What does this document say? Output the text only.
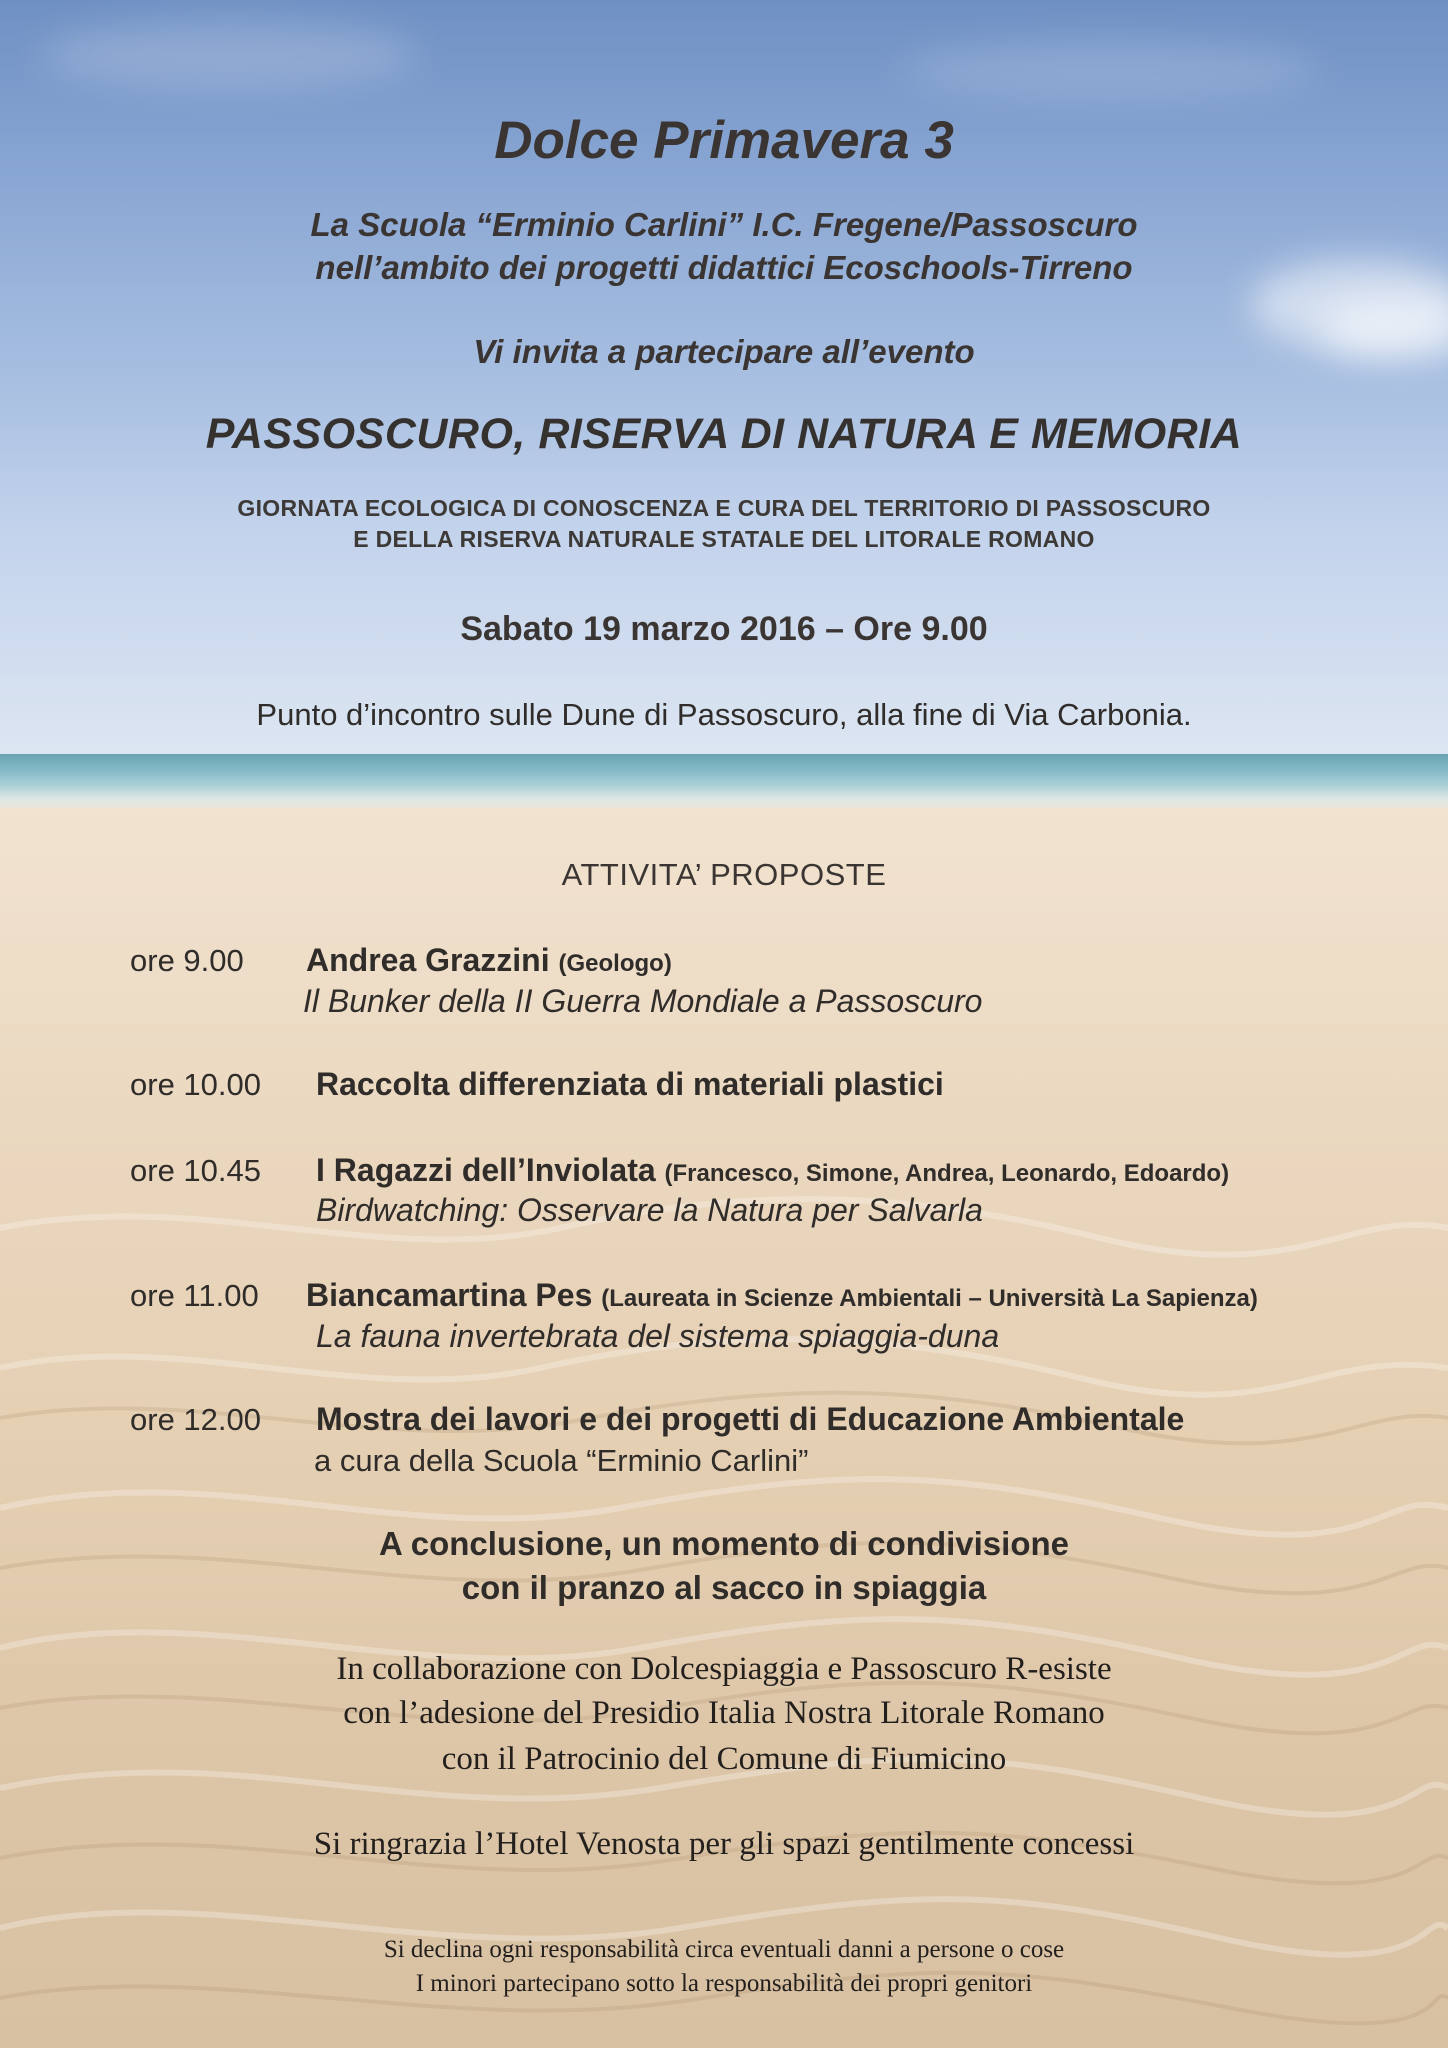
Dolce Primavera 3

La Scuola “Erminio Carlini” I.C. Fregene/Passoscuro

nell’ambito dei progetti didattici Ecoschools-Tirreno

Vi invita a partecipare all’evento

PASSOSCURO, RISERVA DI NATURA E MEMORIA

GIORNATA ECOLOGICA DI CONOSCENZA E CURA DEL TERRITORIO DI PASSOSCURO

E DELLA RISERVA NATURALE STATALE DEL LITORALE ROMANO

Sabato 19 marzo 2016 – Ore 9.00

Punto d’incontro sulle Dune di Passoscuro, alla fine di Via Carbonia.

ATTIVITA’ PROPOSTE

ore 9.00 Andrea Grazzini (Geologo)

Il Bunker della II Guerra Mondiale a Passoscuro

ore 10.00 Raccolta differenziata di materiali plastici

ore 10.45 I Ragazzi dell’Inviolata (Francesco, Simone, Andrea, Leonardo, Edoardo)

Birdwatching: Osservare la Natura per Salvarla

ore 11.00 Biancamartina Pes (Laureata in Scienze Ambientali – Università La Sapienza)

La fauna invertebrata del sistema spiaggia-duna

ore 12.00 Mostra dei lavori e dei progetti di Educazione Ambientale

a cura della Scuola “Erminio Carlini”

A conclusione, un momento di condivisione

con il pranzo al sacco in spiaggia

In collaborazione con Dolcespiaggia e Passoscuro R-esiste

con l’adesione del Presidio Italia Nostra Litorale Romano

con il Patrocinio del Comune di Fiumicino

Si ringrazia l’Hotel Venosta per gli spazi gentilmente concessi

Si declina ogni responsabilità circa eventuali danni a persone o cose

I minori partecipano sotto la responsabilità dei propri genitori
